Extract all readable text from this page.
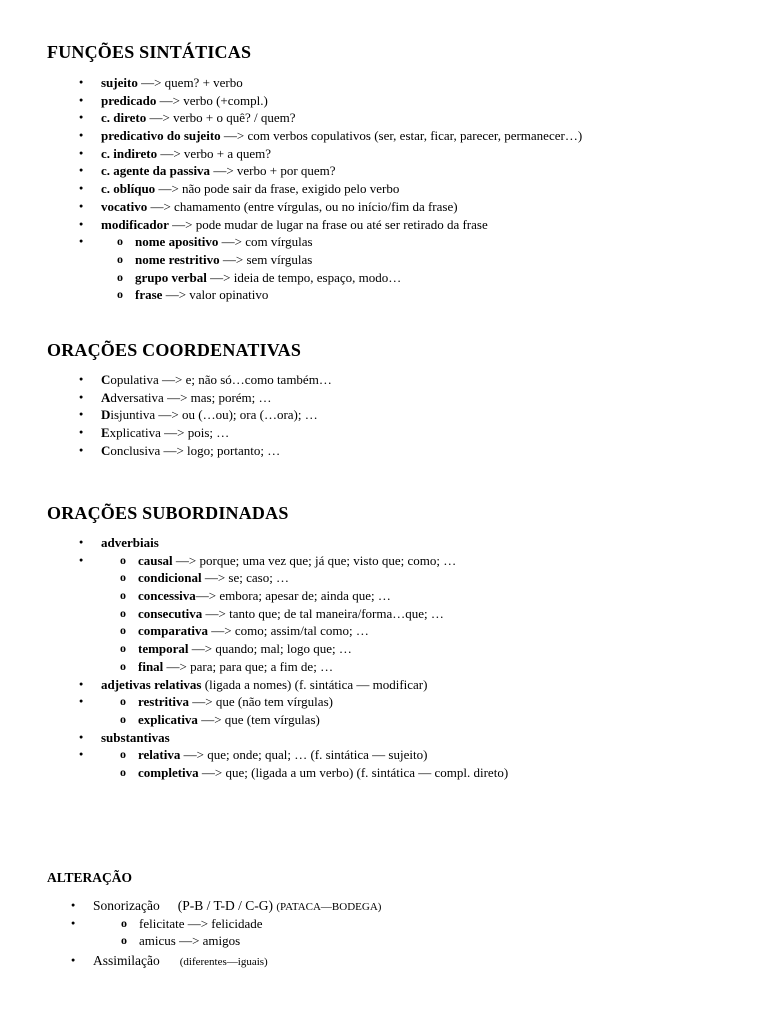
FUNÇÕES SINTÁTICAS
● sujeito —> quem? + verbo
● predicado —> verbo (+compl.)
● c. direto —> verbo + o quê? / quem?
● predicativo do sujeito —> com verbos copulativos (ser, estar, ficar, parecer, permanecer…)
● c. indireto —> verbo + a quem?
● c. agente da passiva —> verbo + por quem?
● c. oblíquo —> não pode sair da frase, exigido pelo verbo
● vocativo —> chamamento (entre vírgulas, ou no início/fim da frase)
● modificador —> pode mudar de lugar na frase ou até ser retirado da frase
o ● nome apositivo —> com vírgulas
o nome restritivo —> sem vírgulas
o grupo verbal —> ideia de tempo, espaço, modo…
o frase —> valor opinativo
ORAÇÕES COORDENATIVAS
● Copulativa —> e; não só…como também…
● Adversativa —> mas; porém; …
● Disjuntiva —> ou (…ou); ora (…ora); …
● Explicativa —> pois; …
● Conclusiva —> logo; portanto; …
ORAÇÕES SUBORDINADAS
● adverbiais
o ● causal —> porque; uma vez que; já que; visto que; como; …
o condicional —> se; caso; …
o concessiva—> embora; apesar de; ainda que; …
o consecutiva —> tanto que; de tal maneira/forma…que; …
o comparativa —> como; assim/tal como; …
o temporal —> quando; mal; logo que; …
o final —> para; para que; a fim de; …
● adjetivas relativas (ligada a nomes) (f. sintática — modificar)
o ● restritiva —> que (não tem vírgulas)
o explicativa —> que (tem vírgulas)
● substantivas
o ● relativa —> que; onde; qual; … (f. sintática — sujeito)
o completiva —> que; (ligada a um verbo) (f. sintática — compl. direto)
ALTERAÇÃO
● Sonorização (P-B / T-D / C-G) (PATACA—BODEGA)
o ● felicitate —> felicidade
o amicus —> amigos
● Assimilação (diferentes—iguais)
